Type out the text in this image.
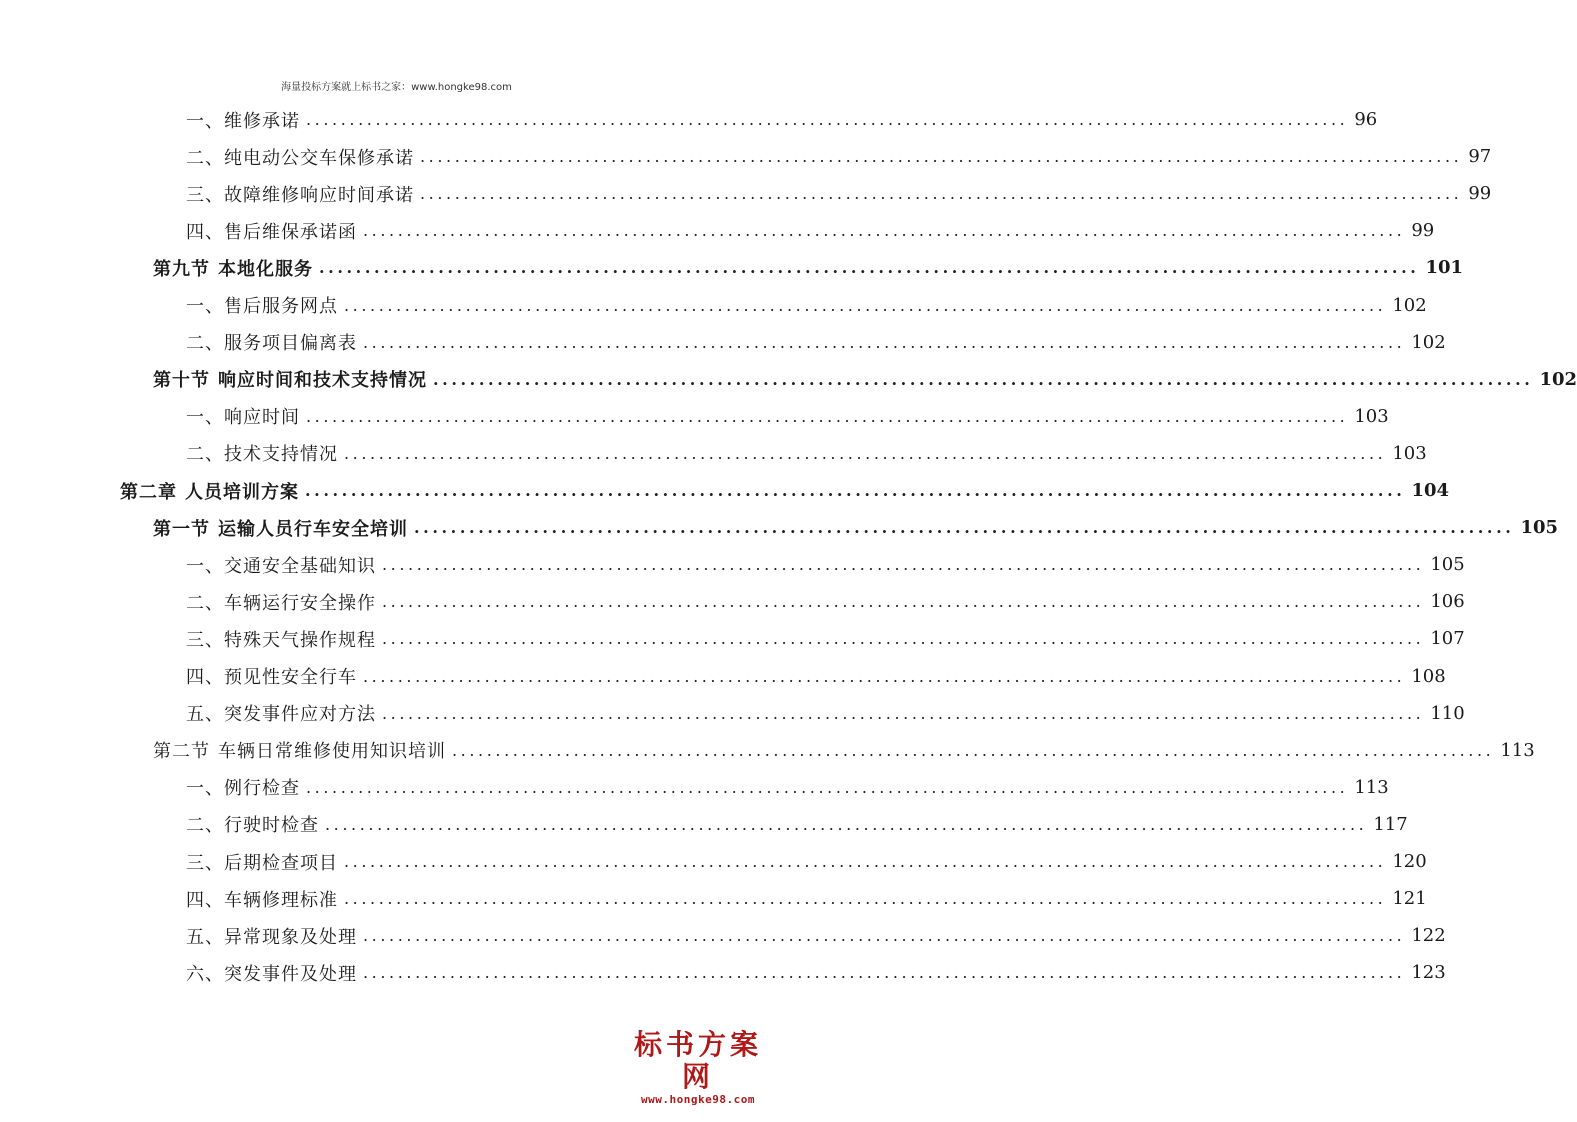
海量投标方案就上标书之家：www.hongke98.com
一、维修承诺 ........................................................................................................................ 96
二、纯电动公交车保修承诺 ........................................................................................................................ 97
三、故障维修响应时间承诺 ........................................................................................................................ 99
四、售后维保承诺函 ........................................................................................................................ 99
第九节 本地化服务 ........................................................................................................................ 101
一、售后服务网点 ........................................................................................................................ 102
二、服务项目偏离表 ........................................................................................................................ 102
第十节 响应时间和技术支持情况 ........................................................................................................................ 102
一、响应时间 ........................................................................................................................ 103
二、技术支持情况 ........................................................................................................................ 103
第二章 人员培训方案 ........................................................................................................................ 104
第一节 运输人员行车安全培训 ........................................................................................................................ 105
一、交通安全基础知识 ........................................................................................................................ 105
二、车辆运行安全操作 ........................................................................................................................ 106
三、特殊天气操作规程 ........................................................................................................................ 107
四、预见性安全行车 ........................................................................................................................ 108
五、突发事件应对方法 ........................................................................................................................ 110
第二节 车辆日常维修使用知识培训 ........................................................................................................................ 113
一、例行检查 ........................................................................................................................ 113
二、行驶时检查 ........................................................................................................................ 117
三、后期检查项目 ........................................................................................................................ 120
四、车辆修理标准 ........................................................................................................................ 121
五、异常现象及处理 ........................................................................................................................ 122
六、突发事件及处理 ........................................................................................................................ 123
标书方案网
www.hongke98.com
